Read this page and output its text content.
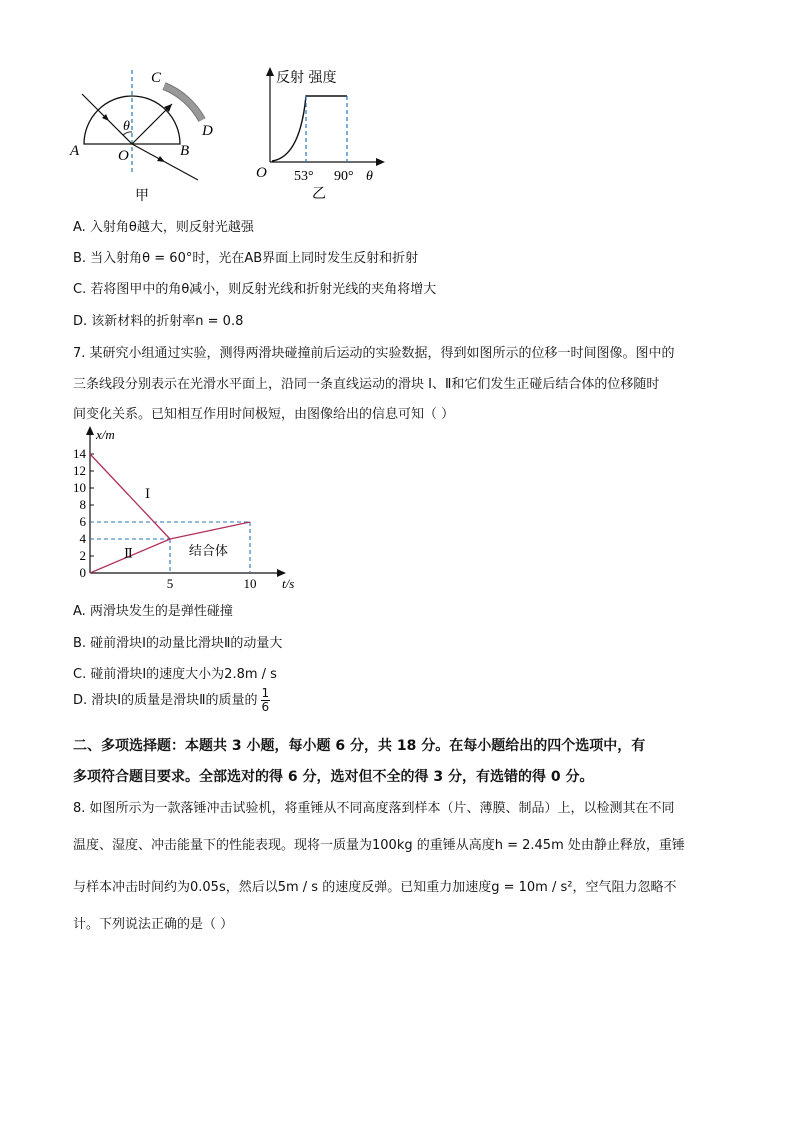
θ
A	B
C
D
O
甲
反射 强度
O 53° 90° θ
乙
A. 入射角θ越大，则反射光越强
B. 当入射角θ = 60°时，光在AB界面上同时发生反射和折射
C. 若将图甲中的角θ减小，则反射光线和折射光线的夹角将增大
D. 该新材料的折射率n = 0.8
7. 某研究小组通过实验，测得两滑块碰撞前后运动的实验数据，得到如图所示的位移一时间图像。图中的
三条线段分别表示在光滑水平面上，沿同一条直线运动的滑块 Ⅰ、Ⅱ和它们发生正碰后结合体的位移随时
间变化关系。已知相互作用时间极短，由图像给出的信息可知（ ）
0
2
4
6
8
10
12
14
5	10
Ⅰ
Ⅱ	结合体
x/m
t/s
A. 两滑块发生的是弹性碰撞
B. 碰前滑块Ⅰ的动量比滑块Ⅱ的动量大
C. 碰前滑块Ⅰ的速度大小为2.8m / s
D. 滑块Ⅰ的质量是滑块Ⅱ的质量的 $\frac{1}{6}$
二、多项选择题：本题共 3 小题，每小题 6 分，共 18 分。在每小题给出的四个选项中，有
多项符合题目要求。全部选对的得 6 分，选对但不全的得 3 分，有选错的得 0 分。
8. 如图所示为一款落锤冲击试验机，将重锤从不同高度落到样本（片、薄膜、制品）上，以检测其在不同
温度、湿度、冲击能量下的性能表现。现将一质量为100kg 的重锤从高度h = 2.45m 处由静止释放，重锤
与样本冲击时间约为0.05s，然后以5m / s 的速度反弹。已知重力加速度g = 10m / s²，空气阻力忽略不
计。下列说法正确的是（ ）
